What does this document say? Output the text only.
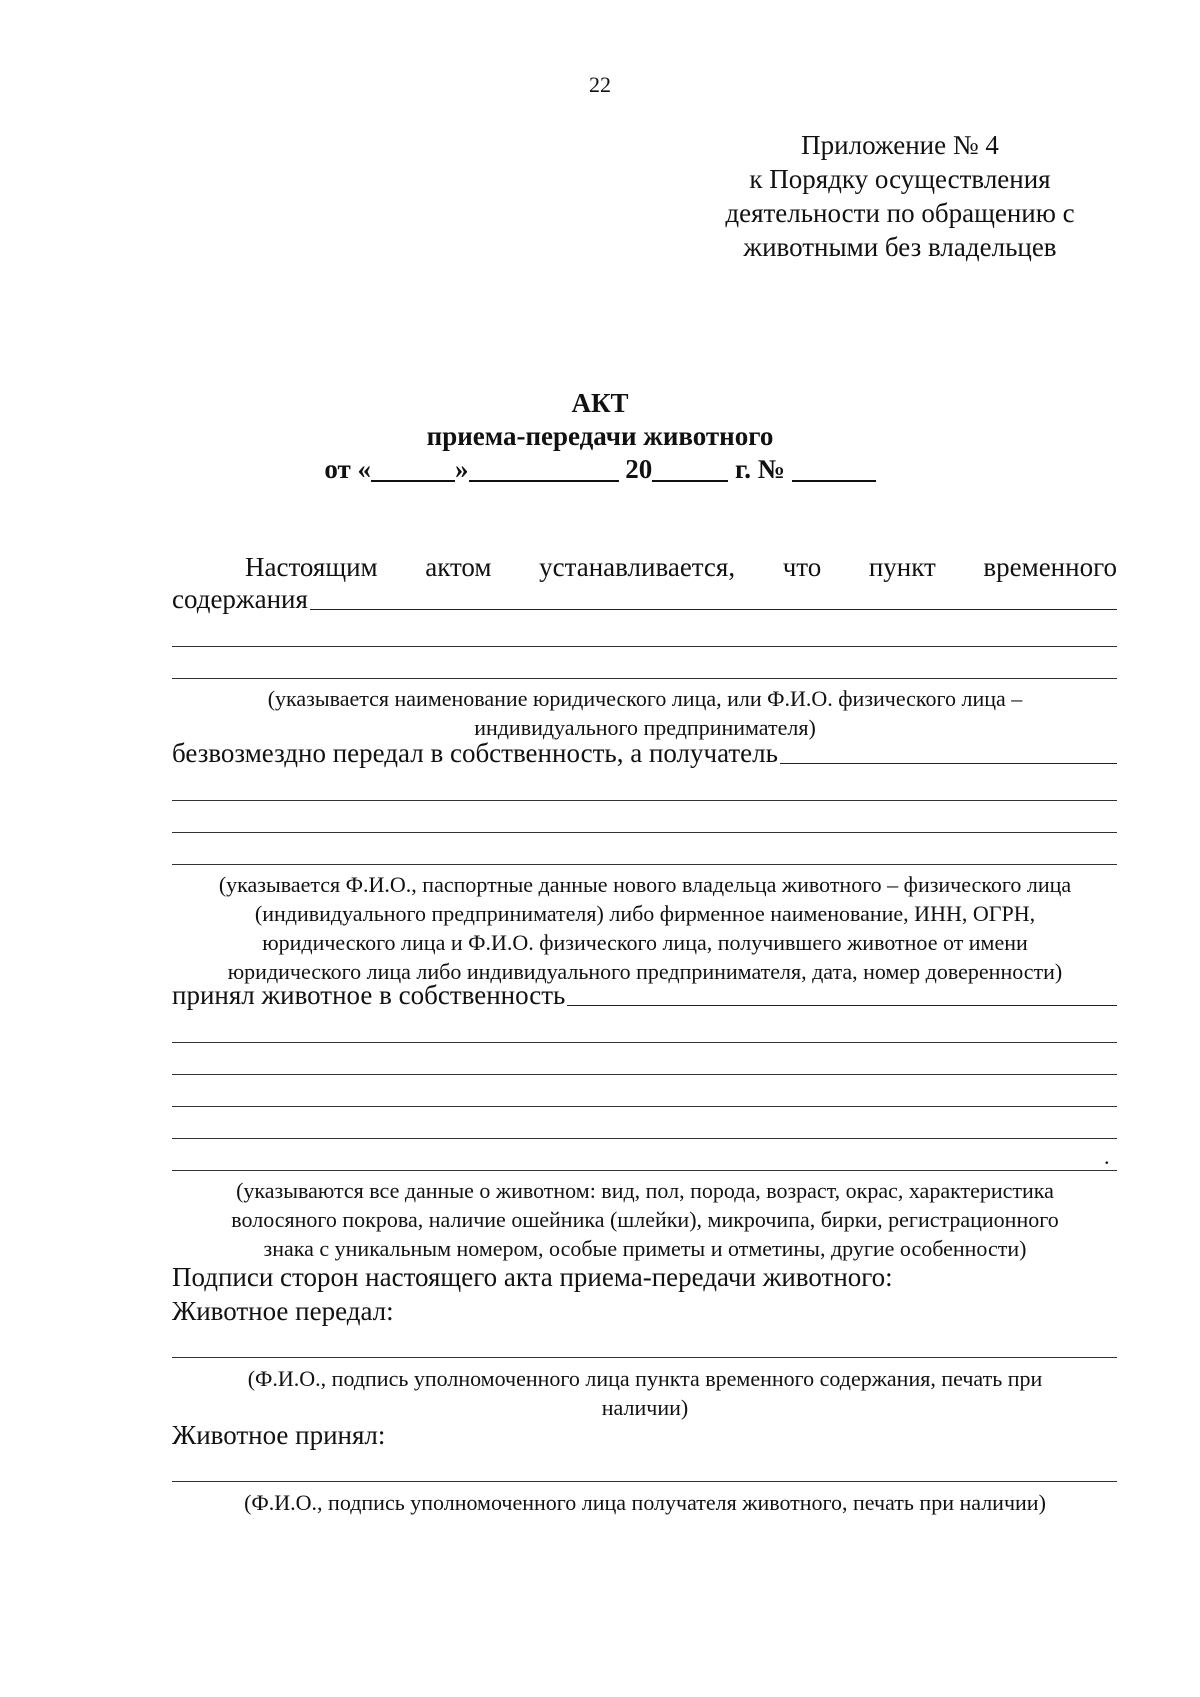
22
Приложение № 4
к Порядку осуществления
деятельности по обращению с
животными без владельцев
АКТ
приема-передачи животного
от «	»	20	г. №
Настоящим актом устанавливается, что пункт временного
содержания
(указывается наименование юридического лица, или Ф.И.О. физического лица –
индивидуального предпринимателя)
безвозмездно передал в собственность, а получатель
(указывается Ф.И.О., паспортные данные нового владельца животного – физического лица
(индивидуального предпринимателя) либо фирменное наименование, ИНН, ОГРН,
юридического лица и Ф.И.О. физического лица, получившего животное от имени
юридического лица либо индивидуального предпринимателя, дата, номер доверенности)
принял животное в собственность
.
(указываются все данные о животном: вид, пол, порода, возраст, окрас, характеристика
волосяного покрова, наличие ошейника (шлейки), микрочипа, бирки, регистрационного
знака с уникальным номером, особые приметы и отметины, другие особенности)
Подписи сторон настоящего акта приема-передачи животного:
Животное передал:
(Ф.И.О., подпись уполномоченного лица пункта временного содержания, печать при
наличии)
Животное принял:
(Ф.И.О., подпись уполномоченного лица получателя животного, печать при наличии)
